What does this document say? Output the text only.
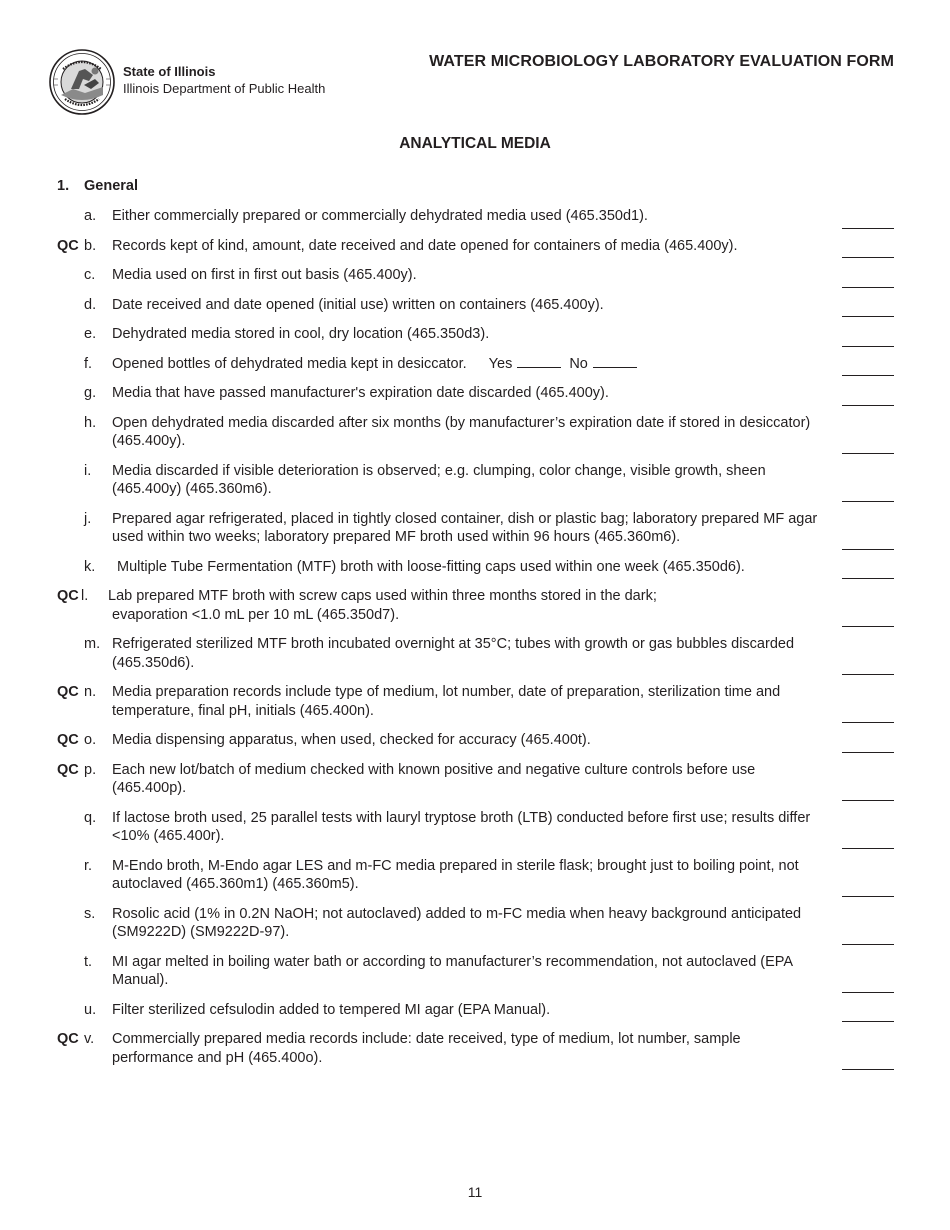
State of Illinois
Illinois Department of Public Health
WATER MICROBIOLOGY LABORATORY EVALUATION FORM
ANALYTICAL MEDIA
1. General
a. Either commercially prepared or commercially dehydrated media used (465.350d1).
QC b. Records kept of kind, amount, date received and date opened for containers of media (465.400y).
c. Media used on first in first out basis (465.400y).
d. Date received and date opened (initial use) written on containers (465.400y).
e. Dehydrated media stored in cool, dry location (465.350d3).
f. Opened bottles of dehydrated media kept in desiccator. Yes	No
g. Media that have passed manufacturer's expiration date discarded (465.400y).
h. Open dehydrated media discarded after six months (by manufacturer’s expiration date if stored in desiccator) (465.400y).
i. Media discarded if visible deterioration is observed; e.g. clumping, color change, visible growth, sheen (465.400y) (465.360m6).
j. Prepared agar refrigerated, placed in tightly closed container, dish or plastic bag; laboratory prepared MF agar used within two weeks; laboratory prepared MF broth used within 96 hours (465.360m6).
k. Multiple Tube Fermentation (MTF) broth with loose-fitting caps used within one week (465.350d6).
QC l. Lab prepared MTF broth with screw caps used within three months stored in the dark;
evaporation <1.0 mL per 10 mL (465.350d7).
m. Refrigerated sterilized MTF broth incubated overnight at 35°C; tubes with growth or gas bubbles discarded (465.350d6).
QC n. Media preparation records include type of medium, lot number, date of preparation, sterilization time and temperature, final pH, initials (465.400n).
QC o. Media dispensing apparatus, when used, checked for accuracy (465.400t).
QC p. Each new lot/batch of medium checked with known positive and negative culture controls before use (465.400p).
q. If lactose broth used, 25 parallel tests with lauryl tryptose broth (LTB) conducted before first use; results differ <10% (465.400r).
r. M-Endo broth, M-Endo agar LES and m-FC media prepared in sterile flask; brought just to boiling point, not autoclaved (465.360m1) (465.360m5).
s. Rosolic acid (1% in 0.2N NaOH; not autoclaved) added to m-FC media when heavy background anticipated (SM9222D) (SM9222D-97).
t. MI agar melted in boiling water bath or according to manufacturer’s recommendation, not autoclaved (EPA Manual).
u. Filter sterilized cefsulodin added to tempered MI agar (EPA Manual).
QC v. Commercially prepared media records include: date received, type of medium, lot number, sample performance and pH (465.400o).
11
